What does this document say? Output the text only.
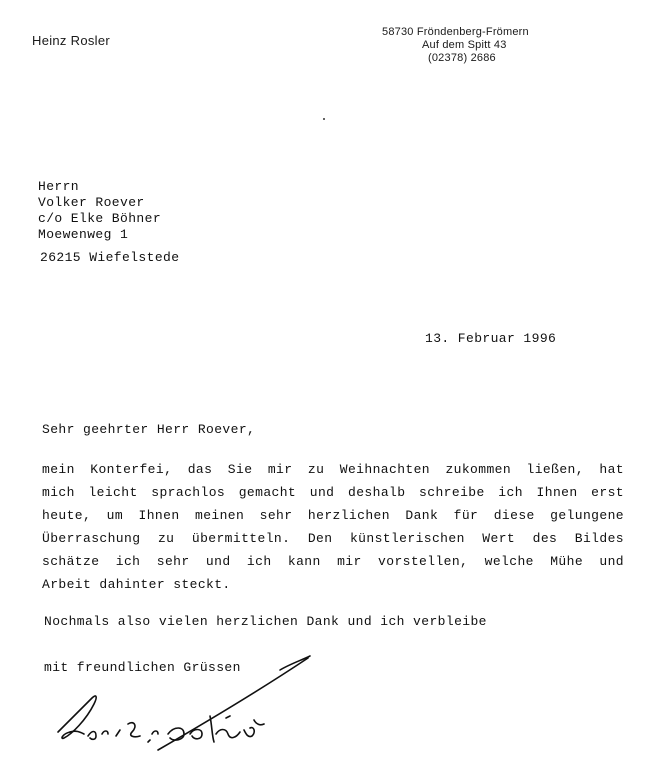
Heinz Rosler
58730 Fröndenberg-Frömern
Auf dem Spitt 43
(02378) 2686
Herrn
Volker Roever
c/o Elke Böhner
Moewenweg 1
26215 Wiefelstede
13. Februar 1996
Sehr geehrter Herr Roever,
mein Konterfei, das Sie mir zu Weihnachten zukommen ließen, hat
mich leicht sprachlos gemacht und deshalb schreibe ich Ihnen erst
heute, um Ihnen meinen sehr herzlichen Dank für diese gelungene
Überraschung zu übermitteln. Den künstlerischen Wert des Bildes
schätze ich sehr und ich kann mir vorstellen, welche Mühe und
Arbeit dahinter steckt.
Nochmals also vielen herzlichen Dank und ich verbleibe
mit freundlichen Grüssen
